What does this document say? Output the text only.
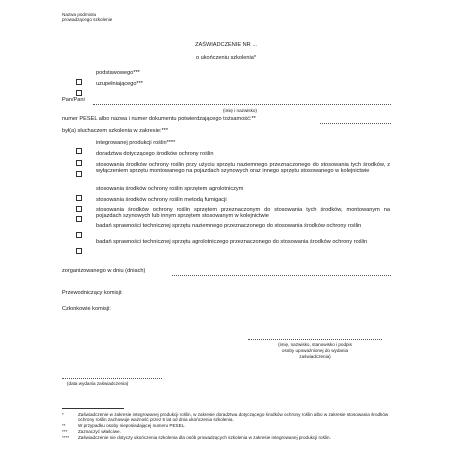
Nazwa podmiotu
prowadzącego szkolenie
ZAŚWIADCZENIE NR ...
o ukończeniu szkolenia*
podstawowego***
uzupełniającego***
Pan/Pani
(imię i nazwisko)
numer PESEL albo nazwa i numer dokumentu potwierdzającego tożsamość:**
był(a) słuchaczem szkolenia w zakresie:***
integrowanej produkcji roślin****
doradztwa dotyczącego środków ochrony roślin
stosowania środków ochrony roślin przy użyciu sprzętu naziemnego przeznaczonego do stosowania tych środków, z wyłączeniem sprzętu montowanego na pojazdach szynowych oraz innego sprzętu stosowanego w kolejnictwie
stosowania środków ochrony roślin sprzętem agrolotniczym
stosowania środków ochrony roślin metodą fumigacji
stosowania środków ochrony roślin sprzętem przeznaczonym do stosowania tych środków, montowanym na pojazdach szynowych lub innym sprzętem stosowanym w kolejnictwie
badań sprawności technicznej sprzętu naziemnego przeznaczonego do stosowania środków ochrony roślin
badań sprawności technicznej sprzętu agrolotniczego przeznaczonego do stosowania środków ochrony roślin
zorganizowanego w dniu (dniach)
Przewodniczący komisji:
Członkowie komisji:
(imię, nazwisko, stanowisko i podpis
osoby upoważnionej do wydania
zaświadczenia)
(data wydania zaświadczenia)
*	Zaświadczenie w zakresie integrowanej produkcji roślin, w zakresie doradztwa dotyczącego środków ochrony roślin albo w zakresie stosowania środków ochrony roślin zachowuje ważność przez 5 lat od dnia ukończenia szkolenia.
**	W przypadku osoby nieposiadającej numeru PESEL.
*** Zaznaczyć właściwe.
**** Zaświadczenie nie dotyczy ukończenia szkolenia dla osób prowadzących szkolenia w zakresie integrowanej produkcji roślin.
